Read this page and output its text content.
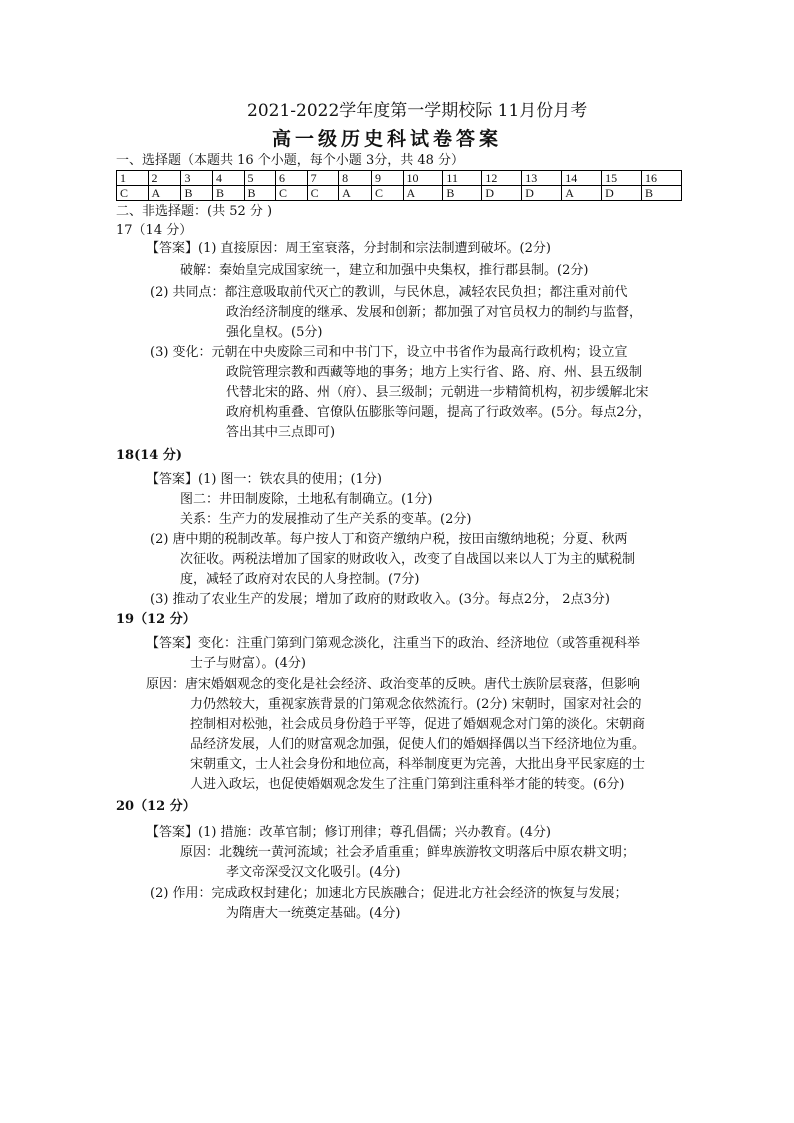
2021-2022学年度第一学期校际 11月份月考
高一级历史科试卷答案
一、选择题（本题共 16 个小题，每个小题 3分，共 48 分）
1	2	3	4	5	6	7	8	9	10	11	12	13	14	15	16
C	A	B	B	B	C	C	A	C	A	B	D	D	A	D	B
二、非选择题：(共 52 分 )
17（14 分）
【答案】(1) 直接原因：周王室衰落，分封制和宗法制遭到破坏。(2分)
破解：秦始皇完成国家统一，建立和加强中央集权，推行郡县制。(2分)
(2) 共同点：都注意吸取前代灭亡的教训，与民休息，减轻农民负担；都注重对前代
政治经济制度的继承、发展和创新；都加强了对官员权力的制约与监督，
强化皇权。(5分)
(3) 变化：元朝在中央废除三司和中书门下，设立中书省作为最高行政机构；设立宣
政院管理宗教和西藏等地的事务；地方上实行省、路、府、州、县五级制
代替北宋的路、州（府）、县三级制；元朝进一步精简机构，初步缓解北宋
政府机构重叠、官僚队伍膨胀等问题，提高了行政效率。(5分。每点2分，
答出其中三点即可)
18(14 分)
【答案】(1) 图一：铁农具的使用；(1分)
图二：井田制废除，土地私有制确立。(1分)
关系：生产力的发展推动了生产关系的变革。(2分)
(2) 唐中期的税制改革。每户按人丁和资产缴纳户税，按田亩缴纳地税；分夏、秋两
次征收。两税法增加了国家的财政收入，改变了自战国以来以人丁为主的赋税制
度，减轻了政府对农民的人身控制。(7分)
(3) 推动了农业生产的发展；增加了政府的财政收入。(3分。每点2分， 2点3分)
19（12 分）
【答案】变化：注重门第到门第观念淡化，注重当下的政治、经济地位（或答重视科举
士子与财富）。(4分)
原因：唐宋婚姻观念的变化是社会经济、政治变革的反映。唐代士族阶层衰落，但影响
力仍然较大，重视家族背景的门第观念依然流行。(2分) 宋朝时，国家对社会的
控制相对松弛，社会成员身份趋于平等，促进了婚姻观念对门第的淡化。宋朝商
品经济发展，人们的财富观念加强，促使人们的婚姻择偶以当下经济地位为重。
宋朝重文，士人社会身份和地位高，科举制度更为完善，大批出身平民家庭的士
人进入政坛，也促使婚姻观念发生了注重门第到注重科举才能的转变。(6分)
20（12 分）
【答案】(1) 措施：改革官制；修订刑律；尊孔倡儒；兴办教育。(4分)
原因：北魏统一黄河流域；社会矛盾重重；鲜卑族游牧文明落后中原农耕文明；
孝文帝深受汉文化吸引。(4分)
(2) 作用：完成政权封建化；加速北方民族融合；促进北方社会经济的恢复与发展；
为隋唐大一统奠定基础。(4分)
